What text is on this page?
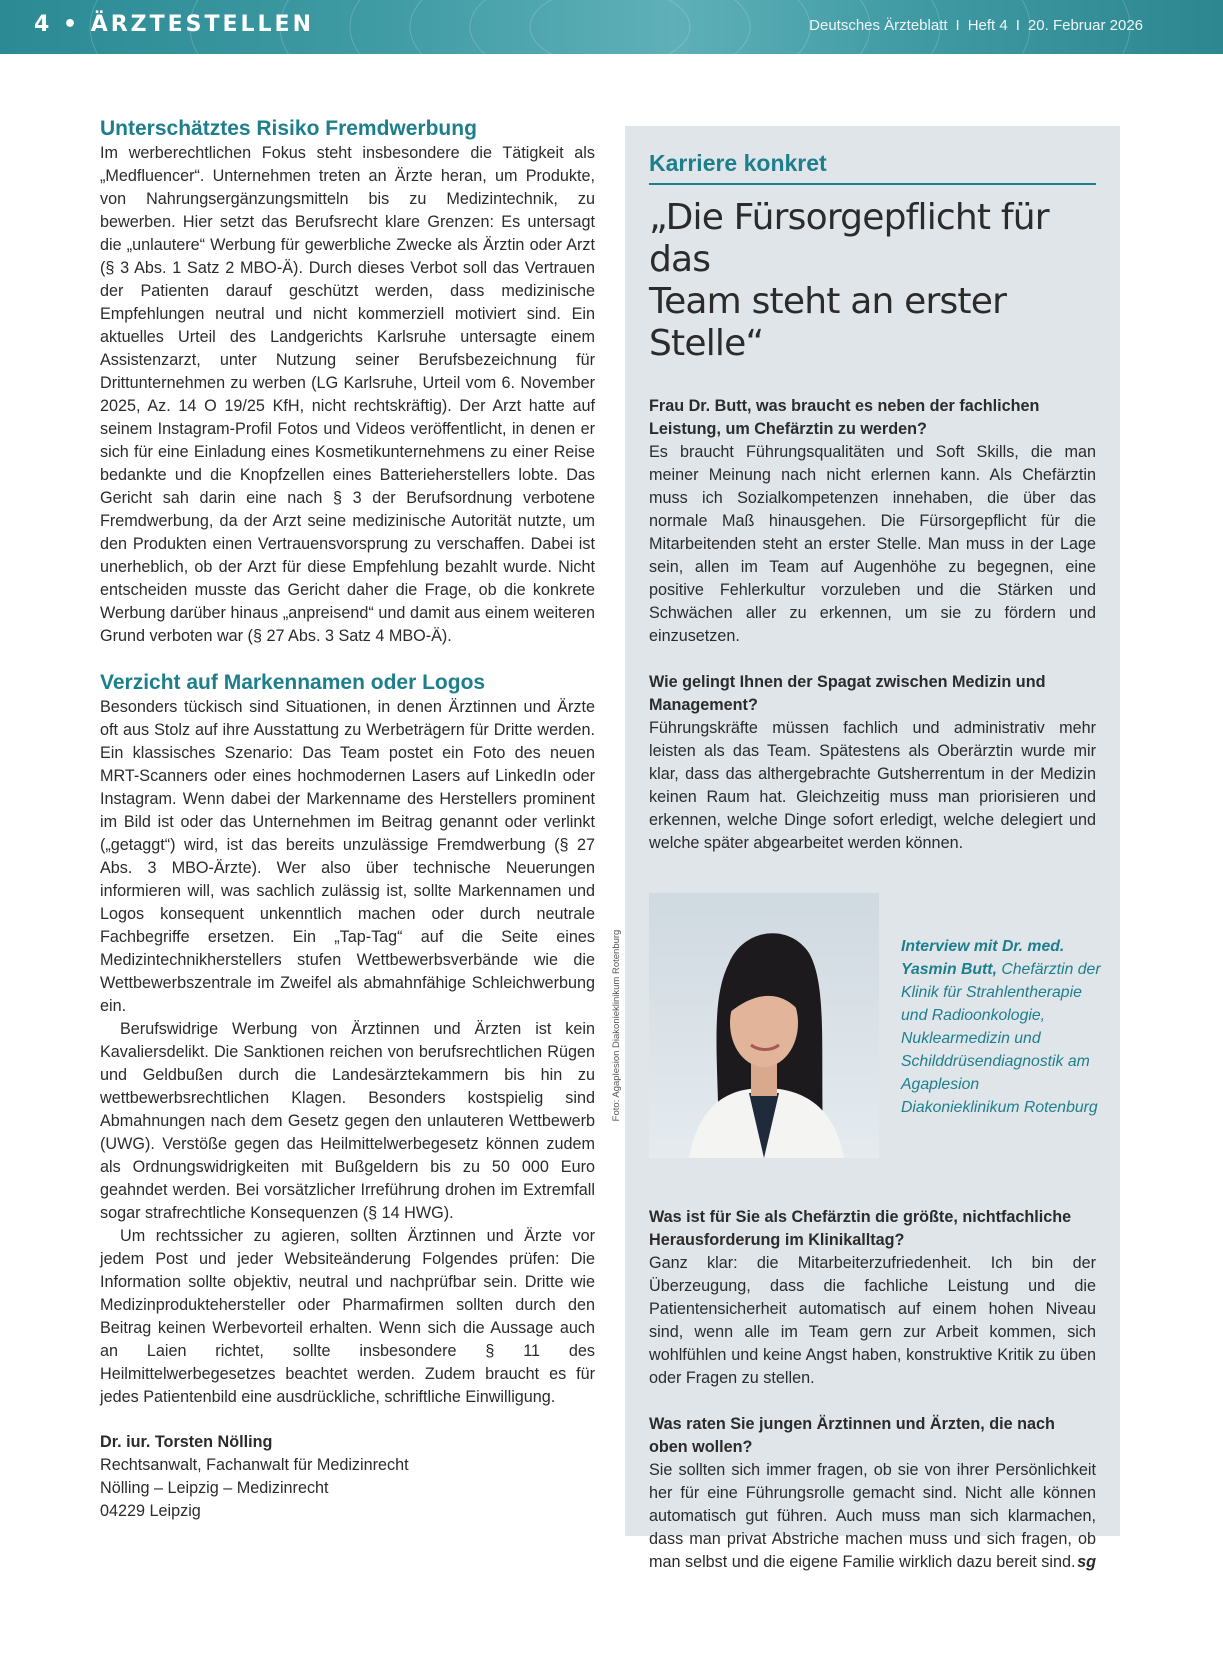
4 • ÄRZTESTELLEN	Deutsches Ärzteblatt I Heft 4 I 20. Februar 2026
Unterschätztes Risiko Fremdwerbung

Im werberechtlichen Fokus steht insbesondere die Tätigkeit als „Medfluencer“. Unternehmen treten an Ärzte heran, um Produkte, von Nahrungsergänzungsmitteln bis zu Medizintechnik, zu bewerben. Hier setzt das Berufsrecht klare Grenzen: Es untersagt die „unlautere“ Werbung für gewerbliche Zwecke als Ärztin oder Arzt (§ 3 Abs. 1 Satz 2 MBO-Ä). Durch dieses Verbot soll das Vertrauen der Patienten darauf geschützt werden, dass medizinische Empfehlungen neutral und nicht kommerziell motiviert sind. Ein aktuelles Urteil des Landgerichts Karlsruhe untersagte einem Assistenzarzt, unter Nutzung seiner Berufsbezeichnung für Drittunternehmen zu werben (LG Karlsruhe, Urteil vom 6. November 2025, Az. 14 O 19/25 KfH, nicht rechtskräftig). Der Arzt hatte auf seinem Instagram-Profil Fotos und Videos veröffentlicht, in denen er sich für eine Einladung eines Kosmetikunternehmens zu einer Reise bedankte und die Knopfzellen eines Batterieherstellers lobte. Das Gericht sah darin eine nach § 3 der Berufsordnung verbotene Fremdwerbung, da der Arzt seine medizinische Autorität nutzte, um den Produkten einen Vertrauensvorsprung zu verschaffen. Dabei ist unerheblich, ob der Arzt für diese Empfehlung bezahlt wurde. Nicht entscheiden musste das Gericht daher die Frage, ob die konkrete Werbung darüber hinaus „anpreisend“ und damit aus einem weiteren Grund verboten war (§ 27 Abs. 3 Satz 4 MBO-Ä).

Verzicht auf Markennamen oder Logos

Besonders tückisch sind Situationen, in denen Ärztinnen und Ärzte oft aus Stolz auf ihre Ausstattung zu Werbeträgern für Dritte werden. Ein klassisches Szenario: Das Team postet ein Foto des neuen MRT-Scanners oder eines hochmodernen Lasers auf LinkedIn oder Instagram. Wenn dabei der Markenname des Herstellers prominent im Bild ist oder das Unternehmen im Beitrag genannt oder verlinkt („getaggt“) wird, ist das bereits unzulässige Fremdwerbung (§ 27 Abs. 3 MBO-Ärzte). Wer also über technische Neuerungen informieren will, was sachlich zulässig ist, sollte Markennamen und Logos konsequent unkenntlich machen oder durch neutrale Fachbegriffe ersetzen. Ein „Tap-Tag“ auf die Seite eines Medizintechnikherstellers stufen Wettbewerbsverbände wie die Wettbewerbszentrale im Zweifel als abmahnfähige Schleichwerbung ein.

Berufswidrige Werbung von Ärztinnen und Ärzten ist kein Kavaliersdelikt. Die Sanktionen reichen von berufsrechtlichen Rügen und Geldbußen durch die Landesärztekammern bis hin zu wettbewerbsrechtlichen Klagen. Besonders kostspielig sind Abmahnungen nach dem Gesetz gegen den unlauteren Wettbewerb (UWG). Verstöße gegen das Heilmittelwerbegesetz können zudem als Ordnungswidrigkeiten mit Bußgeldern bis zu 50 000 Euro geahndet werden. Bei vorsätzlicher Irreführung drohen im Extremfall sogar strafrechtliche Konsequenzen (§ 14 HWG).

Um rechtssicher zu agieren, sollten Ärztinnen und Ärzte vor jedem Post und jeder Websiteänderung Folgendes prüfen: Die Information sollte objektiv, neutral und nachprüfbar sein. Dritte wie Medizinproduktehersteller oder Pharmafirmen sollten durch den Beitrag keinen Werbevorteil erhalten. Wenn sich die Aussage auch an Laien richtet, sollte insbesondere § 11 des Heilmittelwerbegesetzes beachtet werden. Zudem braucht es für jedes Patientenbild eine ausdrückliche, schriftliche Einwilligung.

Dr. iur. Torsten Nölling

Rechtsanwalt, Fachanwalt für Medizinrecht

Nölling – Leipzig – Medizinrecht

04229 Leipzig

Karriere konkret
„Die Fürsorgepflicht für das
Team steht an erster Stelle“

Frau Dr. Butt, was braucht es neben der fachlichen Leistung, um Chefärztin zu werden?

Es braucht Führungsqualitäten und Soft Skills, die man meiner Meinung nach nicht erlernen kann. Als Chefärztin muss ich Sozialkompetenzen innehaben, die über das normale Maß hinausgehen. Die Fürsorgepflicht für die Mitarbeitenden steht an erster Stelle. Man muss in der Lage sein, allen im Team auf Augenhöhe zu begegnen, eine positive Fehlerkultur vorzuleben und die Stärken und Schwächen aller zu erkennen, um sie zu fördern und einzusetzen.

Wie gelingt Ihnen der Spagat zwischen Medizin und Management?

Führungskräfte müssen fachlich und administrativ mehr leisten als das Team. Spätestens als Oberärztin wurde mir klar, dass das althergebrachte Gutsherrentum in der Medizin keinen Raum hat. Gleichzeitig muss man priorisieren und erkennen, welche Dinge sofort erledigt, welche delegiert und welche später abgearbeitet werden können.

Foto: Agaplesion Diakonieklinikum Rotenburg	Interview mit Dr. med. Yasmin Butt, Chefärztin der Klinik für Strahlentherapie und Radioonkologie, Nuklearmedizin und Schilddrüsendiagnostik am Agaplesion Diakonieklinikum Rotenburg

Was ist für Sie als Chefärztin die größte, nichtfachliche Herausforderung im Klinikalltag?

Ganz klar: die Mitarbeiterzufriedenheit. Ich bin der Überzeugung, dass die fachliche Leistung und die Patientensicherheit automatisch auf einem hohen Niveau sind, wenn alle im Team gern zur Arbeit kommen, sich wohlfühlen und keine Angst haben, konstruktive Kritik zu üben oder Fragen zu stellen.

Was raten Sie jungen Ärztinnen und Ärzten, die nach oben wollen?

Sie sollten sich immer fragen, ob sie von ihrer Persönlichkeit her für eine Führungsrolle gemacht sind. Nicht alle können automatisch gut führen. Auch muss man sich klarmachen, dass man privat Abstriche machen muss und sich fragen, ob man selbst und die eigene Familie wirklich dazu bereit sind. sg
